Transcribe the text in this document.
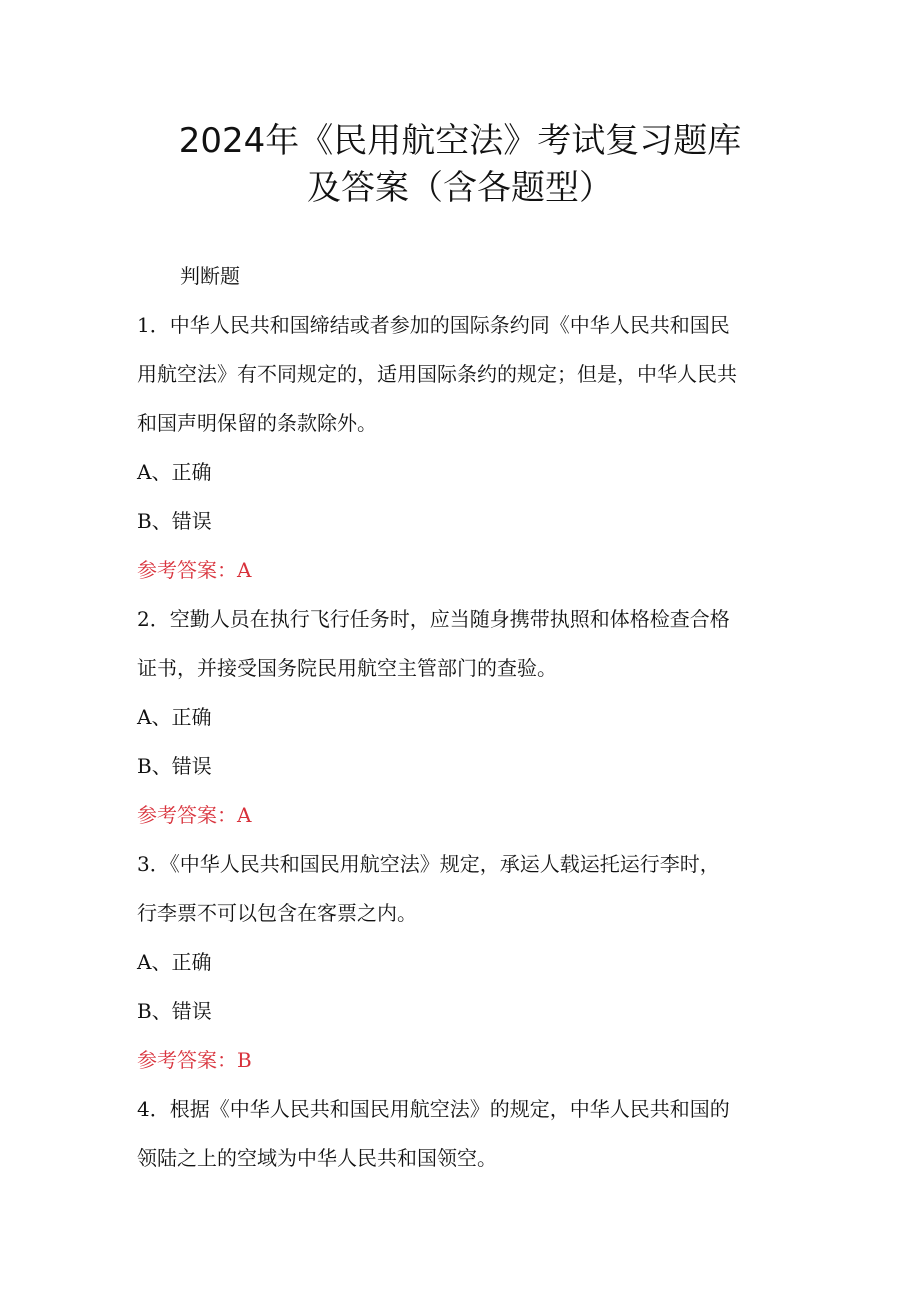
2024年《民用航空法》考试复习题库
及答案（含各题型）
判断题
1．中华人民共和国缔结或者参加的国际条约同《中华人民共和国民
用航空法》有不同规定的，适用国际条约的规定；但是，中华人民共
和国声明保留的条款除外。
A、正确
B、错误
参考答案：A
2．空勤人员在执行飞行任务时，应当随身携带执照和体格检查合格
证书，并接受国务院民用航空主管部门的查验。
A、正确
B、错误
参考答案：A
3．《中华人民共和国民用航空法》规定，承运人载运托运行李时，
行李票不可以包含在客票之内。
A、正确
B、错误
参考答案：B
4．根据《中华人民共和国民用航空法》的规定，中华人民共和国的
领陆之上的空域为中华人民共和国领空。
